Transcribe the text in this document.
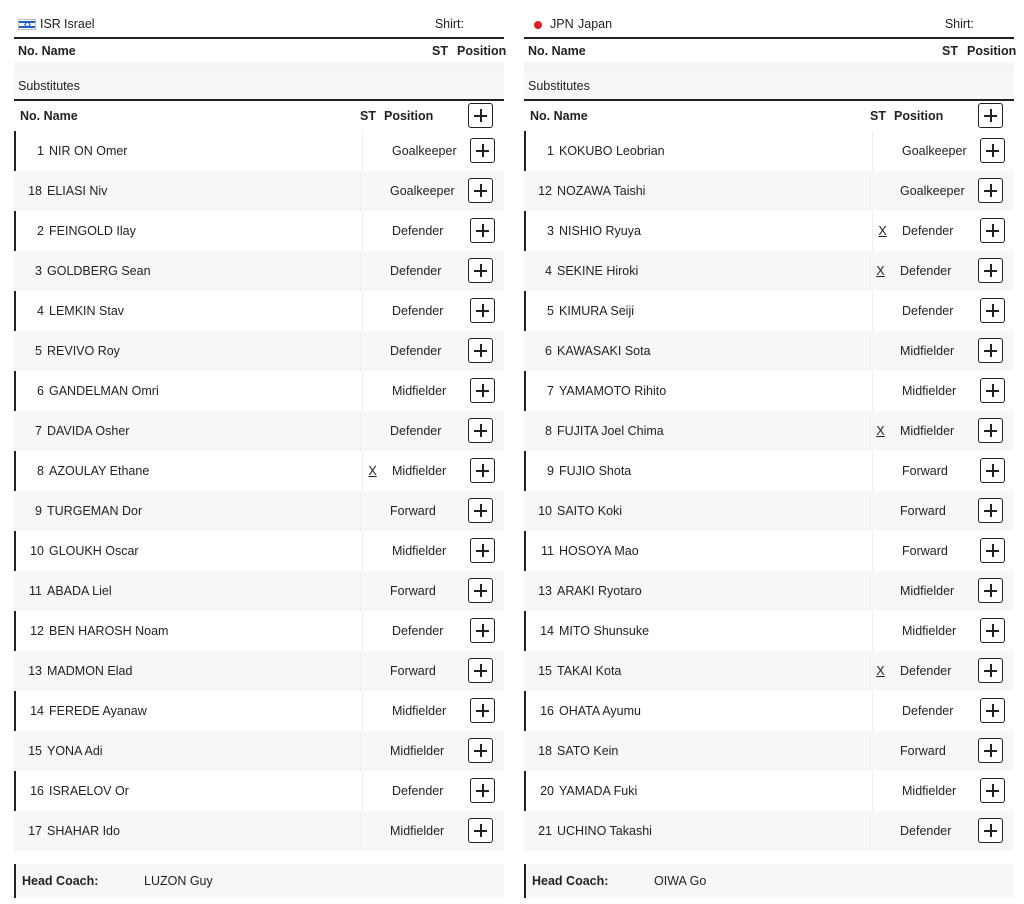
ISR Israel	Shirt:
No. Name	ST Position
Substitutes
No. Name	ST Position
1 NIR ON Omer	Goalkeeper
18 ELIASI Niv	Goalkeeper
2 FEINGOLD Ilay	Defender
3 GOLDBERG Sean	Defender
4 LEMKIN Stav	Defender
5 REVIVO Roy	Defender
6 GANDELMAN Omri	Midfielder
7 DAVIDA Osher	Defender
8 AZOULAY Ethane	X	Midfielder
9 TURGEMAN Dor	Forward
10 GLOUKH Oscar	Midfielder
11 ABADA Liel	Forward
12 BEN HAROSH Noam	Defender
13 MADMON Elad	Forward
14 FEREDE Ayanaw	Midfielder
15 YONA Adi	Midfielder
16 ISRAELOV Or	Defender
17 SHAHAR Ido	Midfielder
Head Coach:	LUZON Guy
JPN Japan	Shirt:
No. Name	ST Position
Substitutes
No. Name	ST Position
1 KOKUBO Leobrian	Goalkeeper
12 NOZAWA Taishi	Goalkeeper
3 NISHIO Ryuya	X	Defender
4 SEKINE Hiroki	X	Defender
5 KIMURA Seiji	Defender
6 KAWASAKI Sota	Midfielder
7 YAMAMOTO Rihito	Midfielder
8 FUJITA Joel Chima	X	Midfielder
9 FUJIO Shota	Forward
10 SAITO Koki	Forward
11 HOSOYA Mao	Forward
13 ARAKI Ryotaro	Midfielder
14 MITO Shunsuke	Midfielder
15 TAKAI Kota	X	Defender
16 OHATA Ayumu	Defender
18 SATO Kein	Forward
20 YAMADA Fuki	Midfielder
21 UCHINO Takashi	Defender
Head Coach:	OIWA Go
